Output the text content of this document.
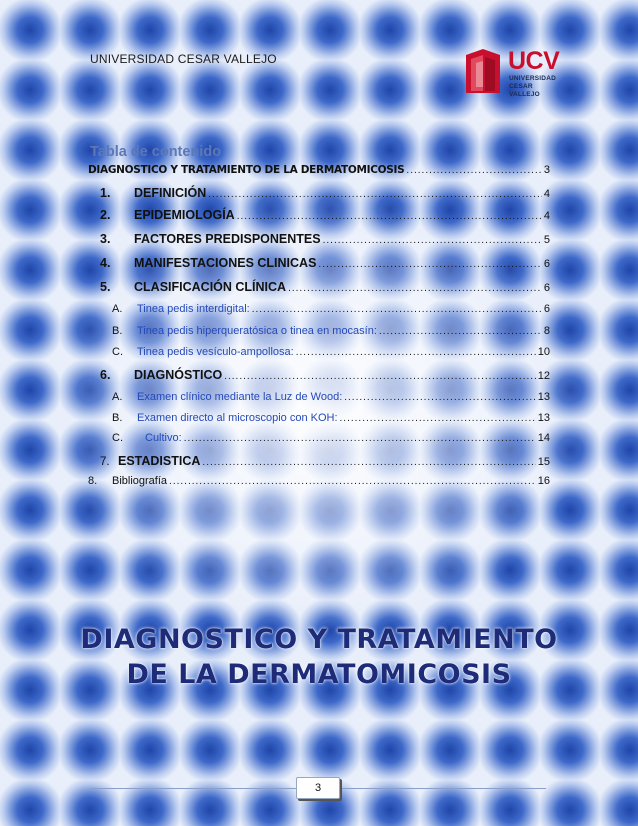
UNIVERSIDAD CESAR VALLEJO	UCV
UNIVERSIDAD
CESAR VALLEJO
Tabla de contenido
DIAGNOSTICO Y TRATAMIENTO DE LA DERMATOMICOSIS .....	3
1.	DEFINICIÓN .....	4
2.	EPIDEMIOLOGÍA .....	4
3.	FACTORES PREDISPONENTES .....	5
4.	MANIFESTACIONES CLINICAS .....	6
5.	CLASIFICACIÓN CLÍNICA .....	6
A.	Tinea pedis interdigital: .....	6
B.	Tinea pedis hiperqueratósica o tinea en mocasín: .....	8
C.	Tinea pedis vesículo-ampollosa: .....	10
6.	DIAGNÓSTICO .....	12
A.	Examen clínico mediante la Luz de Wood: .....	13
B.	Examen directo al microscopio con KOH: .....	13
C.	Cultivo: .....	14
7. ESTADISTICA .....	15
8.	Bibliografía .....	16
DIAGNOSTICO Y TRATAMIENTO
DE LA DERMATOMICOSIS
3
